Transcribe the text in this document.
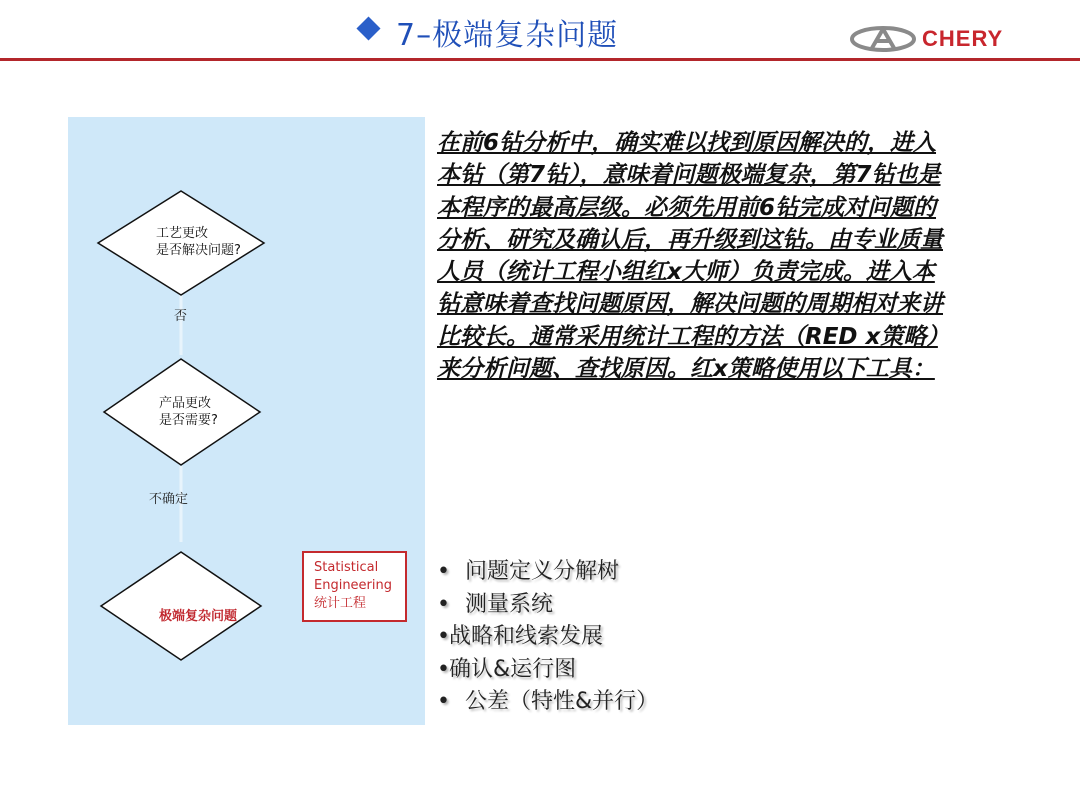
7–极端复杂问题	CHERY
工艺更改
是否解决问题?
否
产品更改
是否需要?
不确定
极端复杂问题
Statistical
Engineering
统计工程
在前6钻分析中，确实难以找到原因解决的，进入本钻（第7钻），意味着问题极端复杂，第7钻也是本程序的最高层级。必须先用前6钻完成对问题的分析、研究及确认后，再升级到这钻。由专业质量人员（统计工程小组红x大师）负责完成。进入本钻意味着查找问题原因，解决问题的周期相对来讲比较长。通常采用统计工程的方法（RED x策略）来分析问题、查找原因。红x策略使用以下工具：
• 问题定义分解树
• 测量系统
•战略和线索发展
•确认&运行图
• 公差（特性&并行）
